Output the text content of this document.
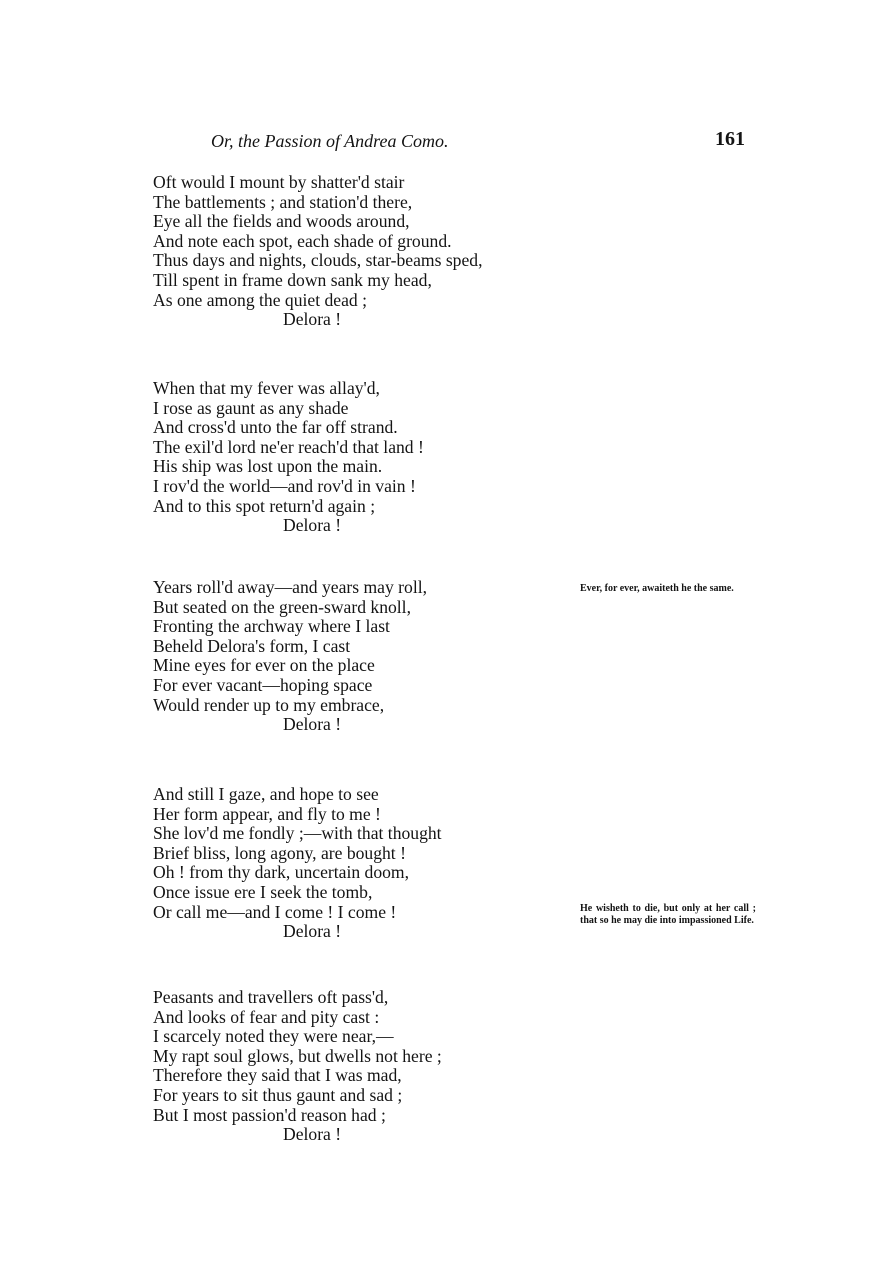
Or, the Passion of Andrea Como.	161
Oft would I mount by shatter'd stair
The battlements ; and station'd there,
Eye all the fields and woods around,
And note each spot, each shade of ground.
Thus days and nights, clouds, star-beams sped,
Till spent in frame down sank my head,
As one among the quiet dead ;
Delora !
When that my fever was allay'd,
I rose as gaunt as any shade
And cross'd unto the far off strand.
The exil'd lord ne'er reach'd that land !
His ship was lost upon the main.
I rov'd the world—and rov'd in vain !
And to this spot return'd again ;
Delora !
Years roll'd away—and years may roll,
But seated on the green-sward knoll,
Fronting the archway where I last
Beheld Delora's form, I cast
Mine eyes for ever on the place
For ever vacant—hoping space
Would render up to my embrace,
Delora !
And still I gaze, and hope to see
Her form appear, and fly to me !
She lov'd me fondly ;—with that thought
Brief bliss, long agony, are bought !
Oh ! from thy dark, uncertain doom,
Once issue ere I seek the tomb,
Or call me—and I come ! I come !
Delora !
Peasants and travellers oft pass'd,
And looks of fear and pity cast :
I scarcely noted they were near,—
My rapt soul glows, but dwells not here ;
Therefore they said that I was mad,
For years to sit thus gaunt and sad ;
But I most passion'd reason had ;
Delora !
Ever, for ever, awaiteth he the same.
He wisheth to die, but only at her call ; that so he may die into impassioned Life.
